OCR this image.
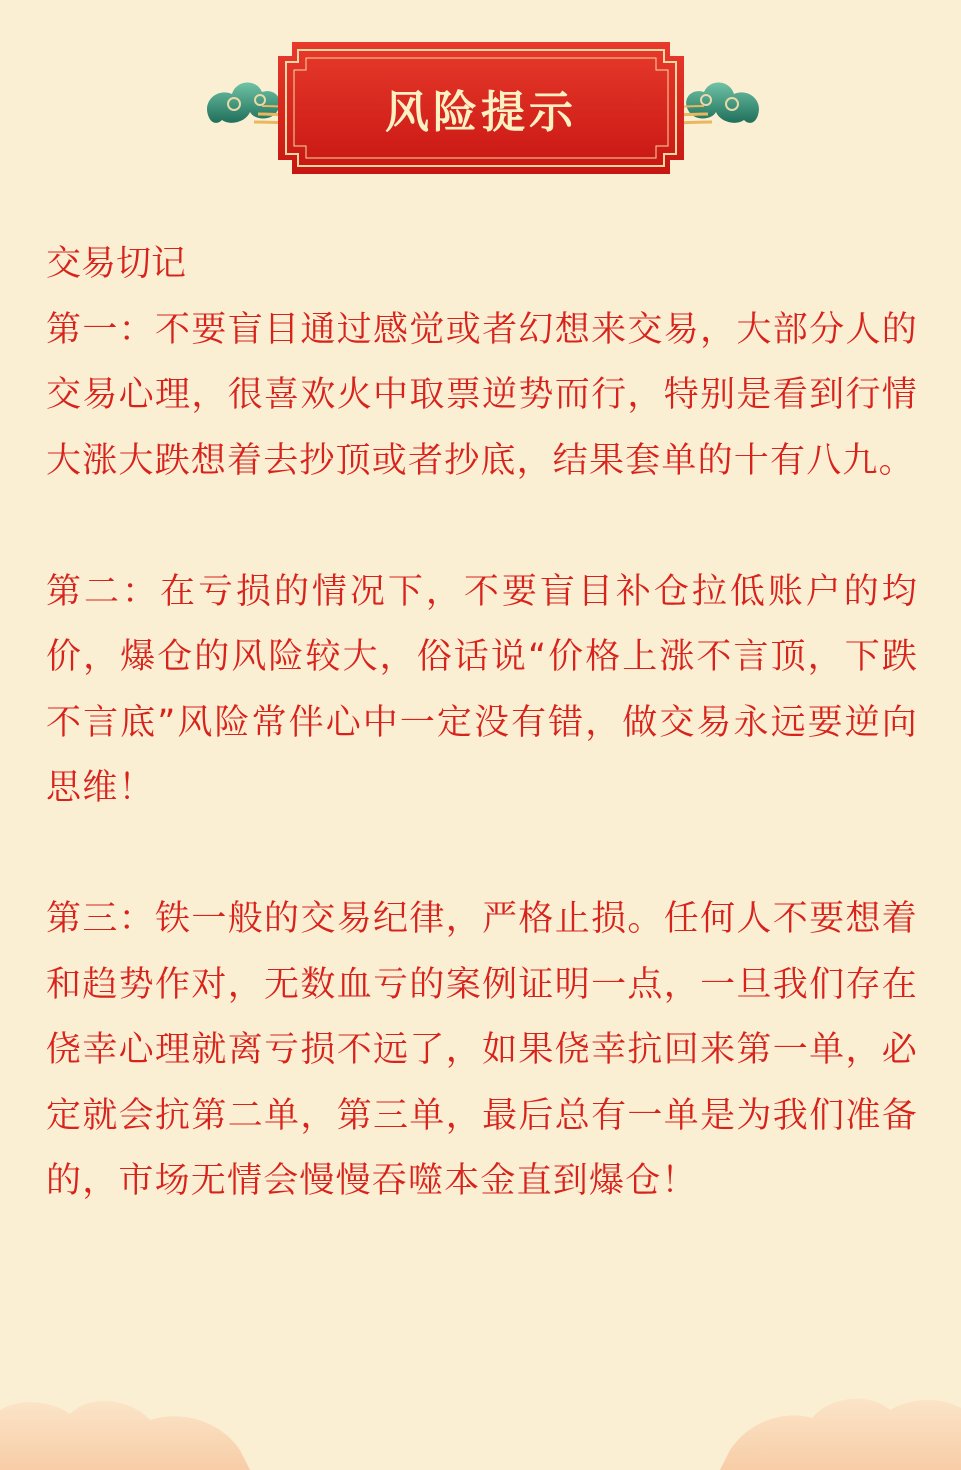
风险提示

交易切记

第一：不要盲目通过感觉或者幻想来交易，大部分人的交易心理，很喜欢火中取票逆势而行，特别是看到行情大涨大跌想着去抄顶或者抄底，结果套单的十有八九。

第二：在亏损的情况下，不要盲目补仓拉低账户的均价，爆仓的风险较大，俗话说“价格上涨不言顶，下跌不言底”风险常伴心中一定没有错，做交易永远要逆向思维！

第三：铁一般的交易纪律，严格止损。任何人不要想着和趋势作对，无数血亏的案例证明一点，一旦我们存在侥幸心理就离亏损不远了，如果侥幸抗回来第一单，必定就会抗第二单，第三单，最后总有一单是为我们准备的，市场无情会慢慢吞噬本金直到爆仓！
